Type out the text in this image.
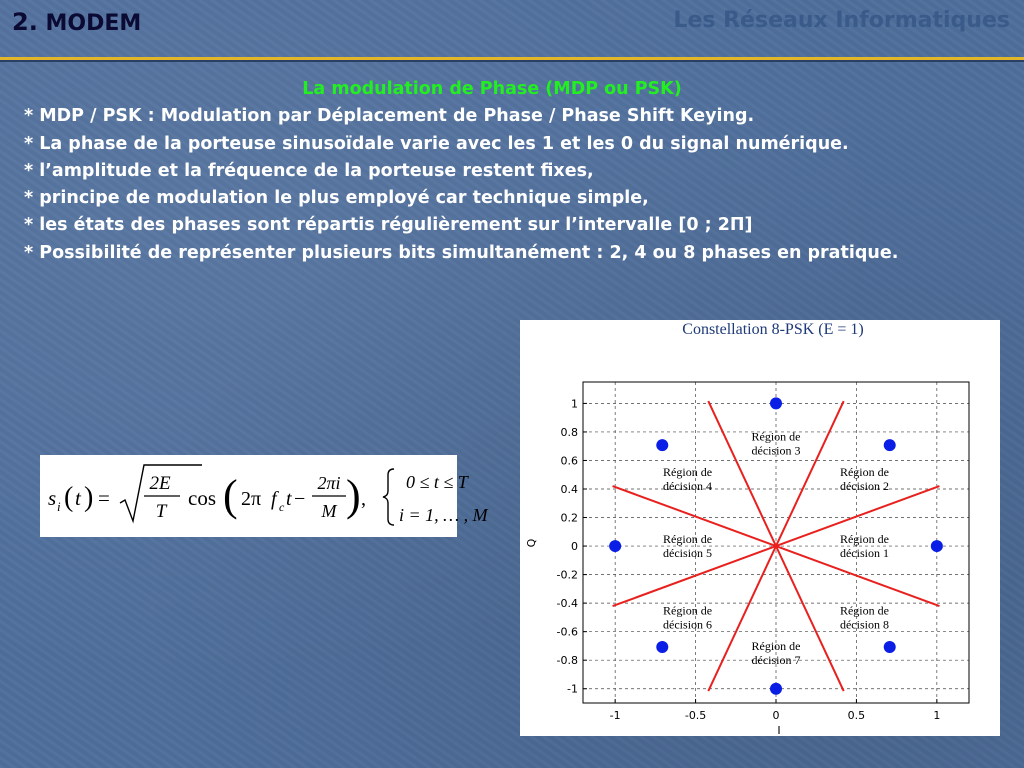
2. MODEM	Les Réseaux Informatiques
La modulation de Phase (MDP ou PSK)
* MDP / PSK : Modulation par Déplacement de Phase / Phase Shift Keying.
* La phase de la porteuse sinusoïdale varie avec les 1 et les 0 du signal numérique.
* l’amplitude et la fréquence de la porteuse restent fixes,
* principe de modulation le plus employé car technique simple,
* les états des phases sont répartis régulièrement sur l’intervalle [0 ; 2Π]
* Possibilité de représenter plusieurs bits simultanément : 2, 4 ou 8 phases en pratique.
s i ( t ) =
2E
T
cos ( 2π f c t −
2πi
M ) ,
0 ≤ t ≤ T
i = 1, … , M
Constellation 8-PSK (E = 1)
Région de décision 1
Région de décision 2
Région de décision 3
Région de décision 4
Région de décision 5
Région de décision 6
Région de décision 7
Région de décision 8
-1	-0.5	0	0.5	1
1
0.8
0.6
0.4
0.2
0
-0.2
-0.4
-0.6
-0.8
-1
Q
I
